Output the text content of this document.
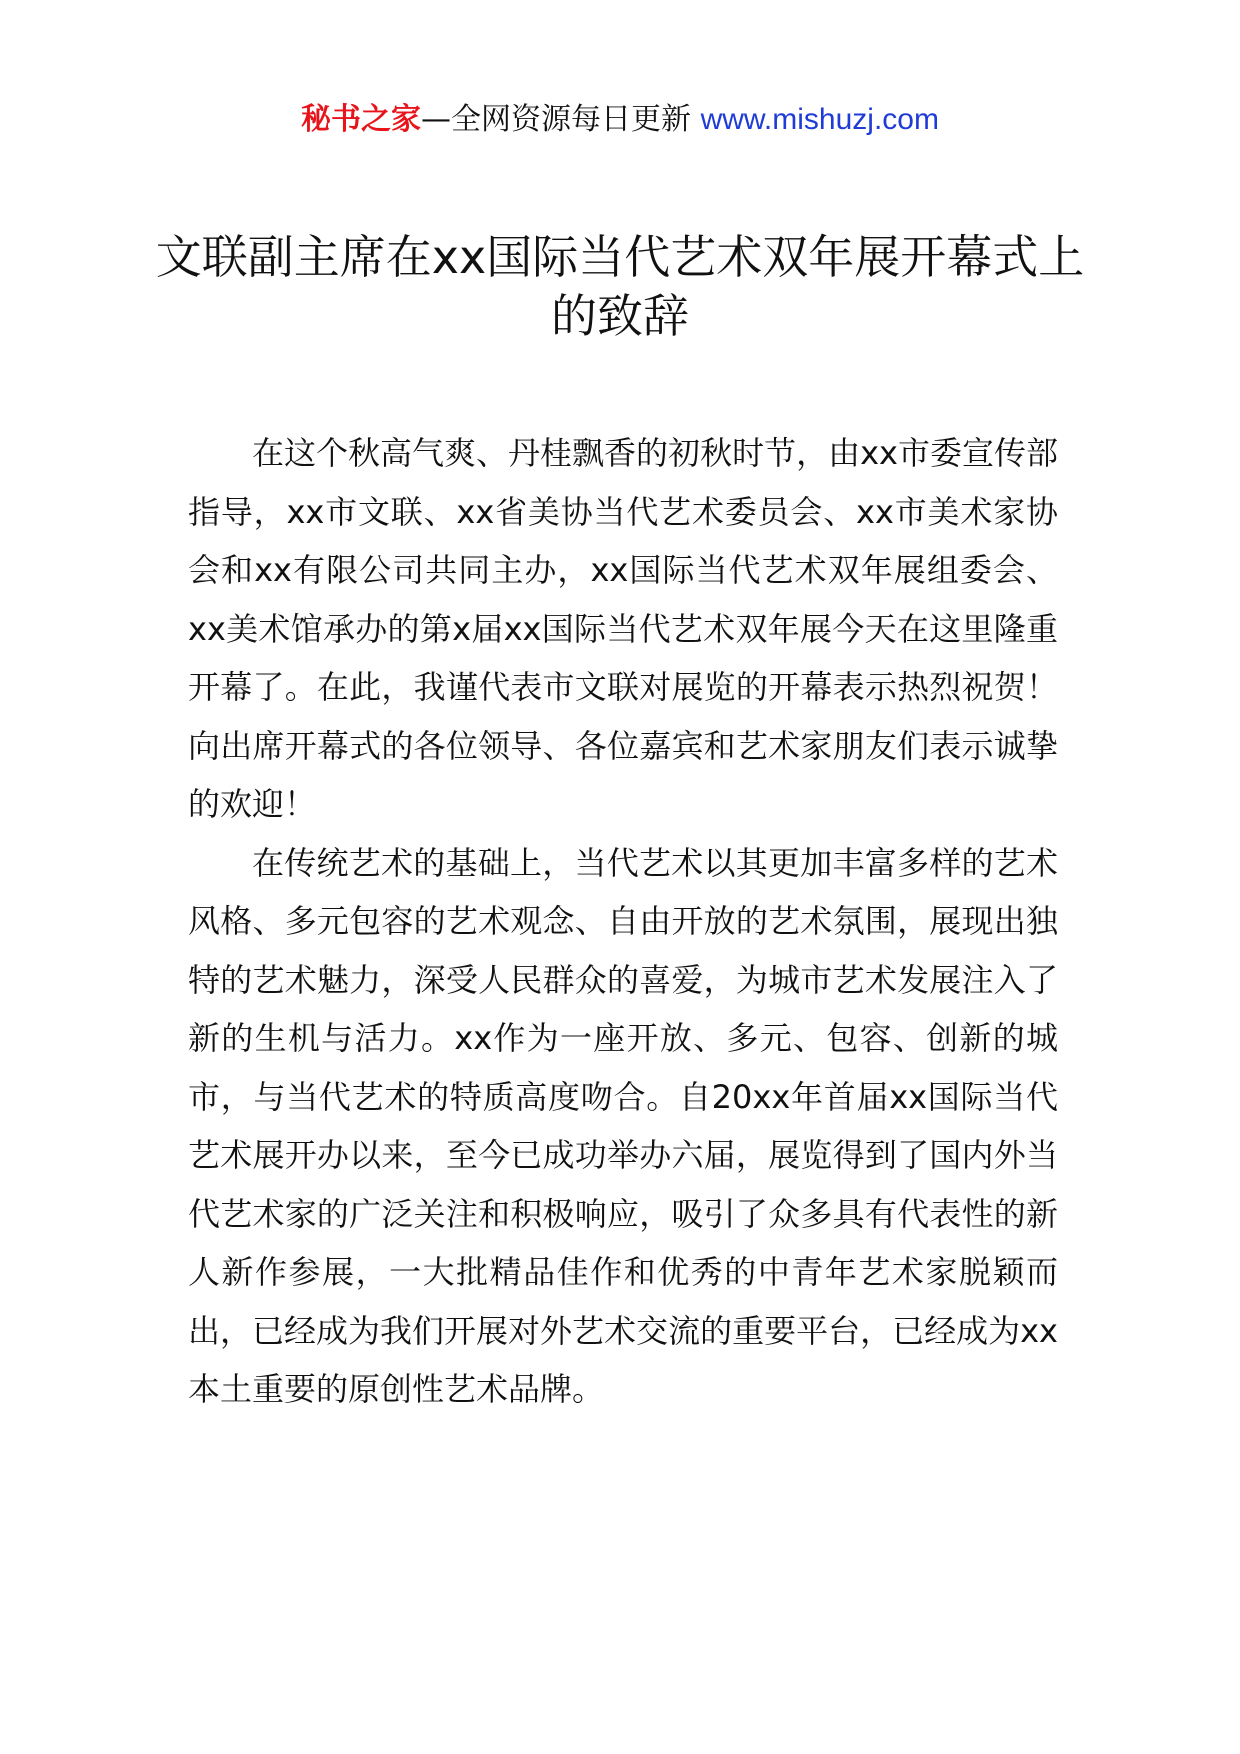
秘书之家—全网资源每日更新 www.mishuzj.com
文联副主席在xx国际当代艺术双年展开幕式上的致辞

在这个秋高气爽、丹桂飘香的初秋时节，由xx市委宣传部指导，xx市文联、xx省美协当代艺术委员会、xx市美术家协会和xx有限公司共同主办，xx国际当代艺术双年展组委会、xx美术馆承办的第x届xx国际当代艺术双年展今天在这里隆重开幕了。在此，我谨代表市文联对展览的开幕表示热烈祝贺！向出席开幕式的各位领导、各位嘉宾和艺术家朋友们表示诚挚的欢迎！

在传统艺术的基础上，当代艺术以其更加丰富多样的艺术风格、多元包容的艺术观念、自由开放的艺术氛围，展现出独特的艺术魅力，深受人民群众的喜爱，为城市艺术发展注入了新的生机与活力。xx作为一座开放、多元、包容、创新的城市，与当代艺术的特质高度吻合。自20xx年首届xx国际当代艺术展开办以来，至今已成功举办六届，展览得到了国内外当代艺术家的广泛关注和积极响应，吸引了众多具有代表性的新人新作参展，一大批精品佳作和优秀的中青年艺术家脱颖而出，已经成为我们开展对外艺术交流的重要平台，已经成为xx本土重要的原创性艺术品牌。
